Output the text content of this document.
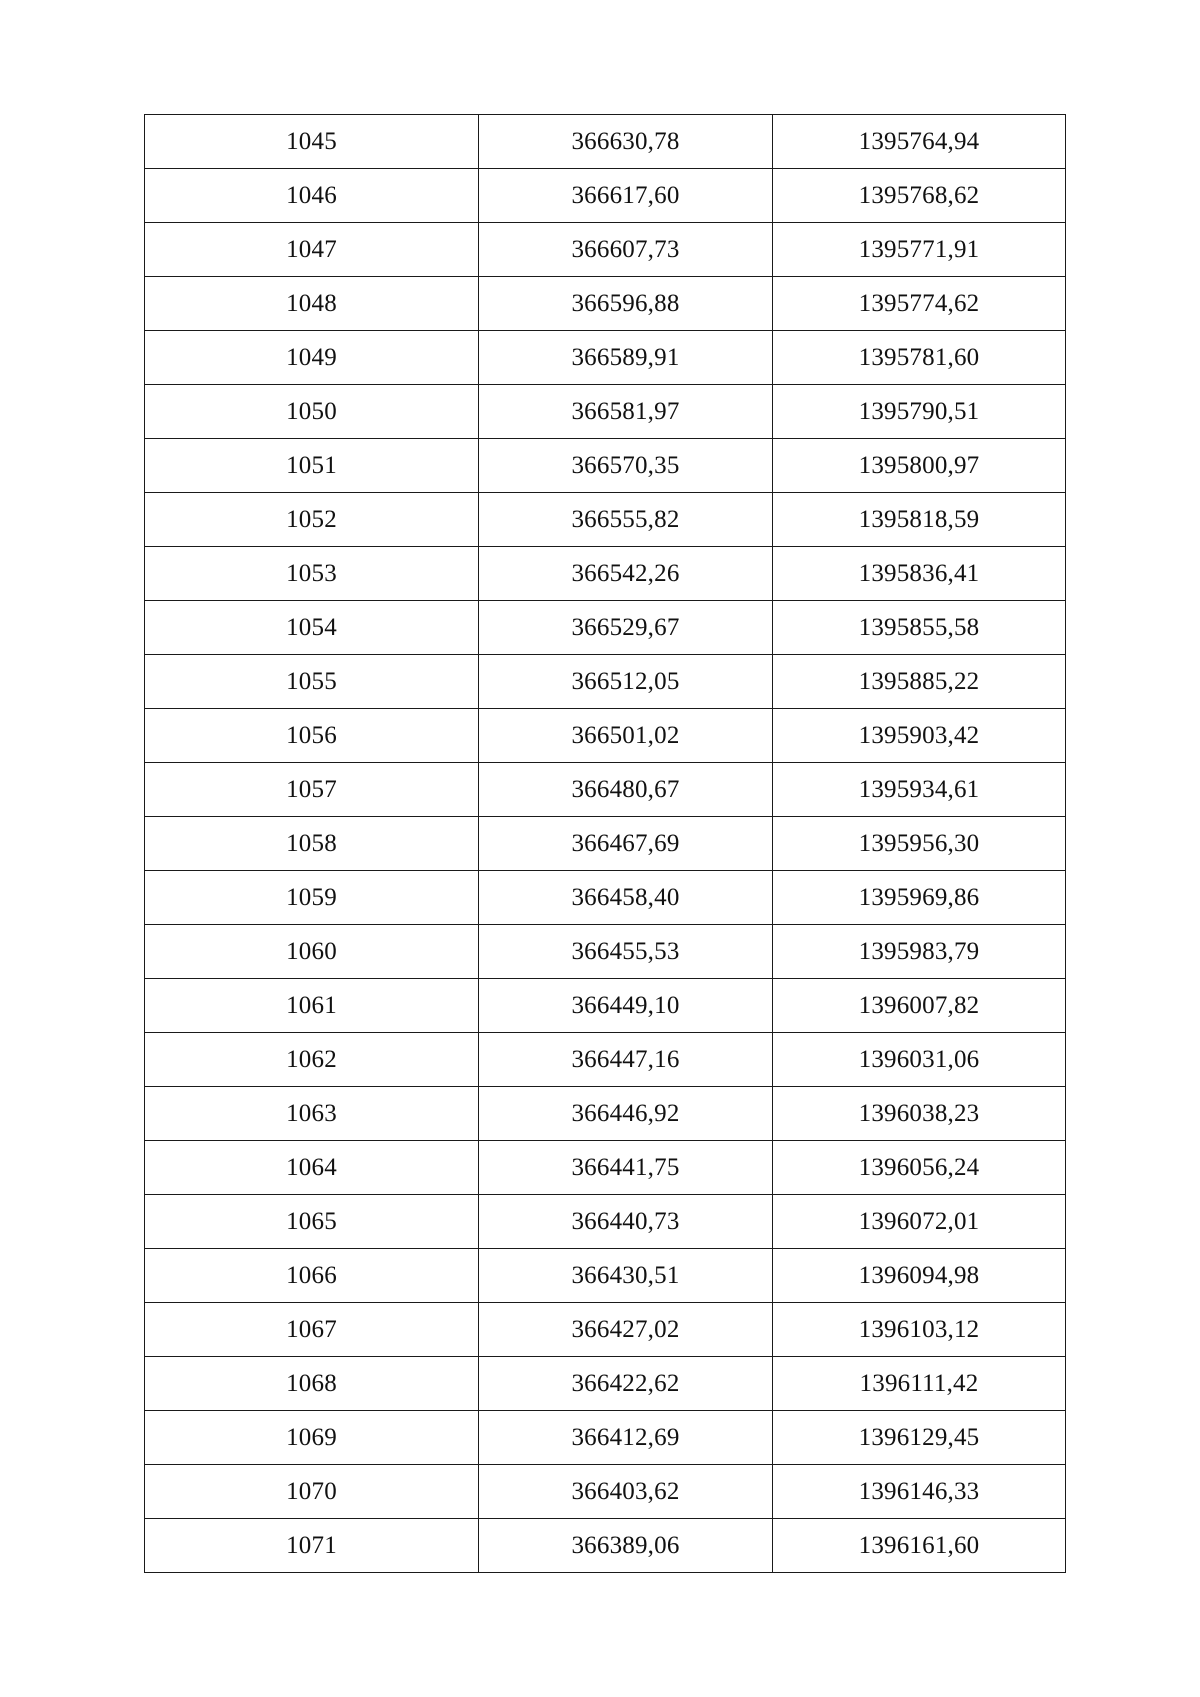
1045	366630,78	1395764,94
1046	366617,60	1395768,62
1047	366607,73	1395771,91
1048	366596,88	1395774,62
1049	366589,91	1395781,60
1050	366581,97	1395790,51
1051	366570,35	1395800,97
1052	366555,82	1395818,59
1053	366542,26	1395836,41
1054	366529,67	1395855,58
1055	366512,05	1395885,22
1056	366501,02	1395903,42
1057	366480,67	1395934,61
1058	366467,69	1395956,30
1059	366458,40	1395969,86
1060	366455,53	1395983,79
1061	366449,10	1396007,82
1062	366447,16	1396031,06
1063	366446,92	1396038,23
1064	366441,75	1396056,24
1065	366440,73	1396072,01
1066	366430,51	1396094,98
1067	366427,02	1396103,12
1068	366422,62	1396111,42
1069	366412,69	1396129,45
1070	366403,62	1396146,33
1071	366389,06	1396161,60
